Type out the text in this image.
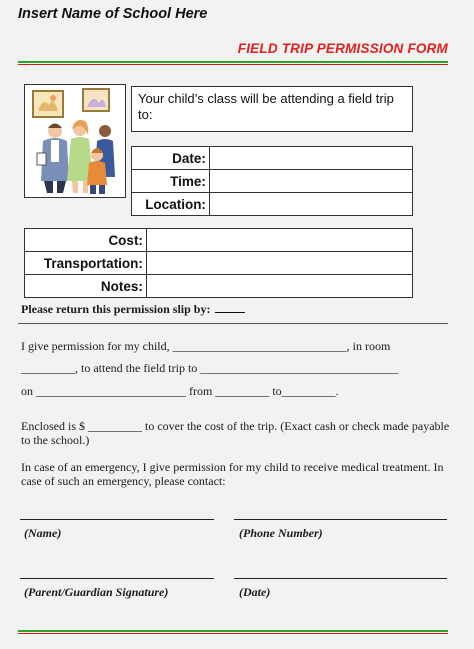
Insert Name of School Here
FIELD TRIP PERMISSION FORM
Your child’s class will be attending a field trip to:
Date:	
Time:	
Location:	
Cost:	
Transportation:	
Notes:	
Please return this permission slip by:
I give permission for my child, _____________________________, in room
_________, to attend the field trip to _________________________________
on _________________________ from _________ to_________.
Enclosed is $ _________ to cover the cost of the trip. (Exact cash or check made payable to the school.)
In case of an emergency, I give permission for my child to receive medical treatment. In case of such an emergency, please contact:
(Name)	(Phone Number)
(Parent/Guardian Signature)	(Date)
